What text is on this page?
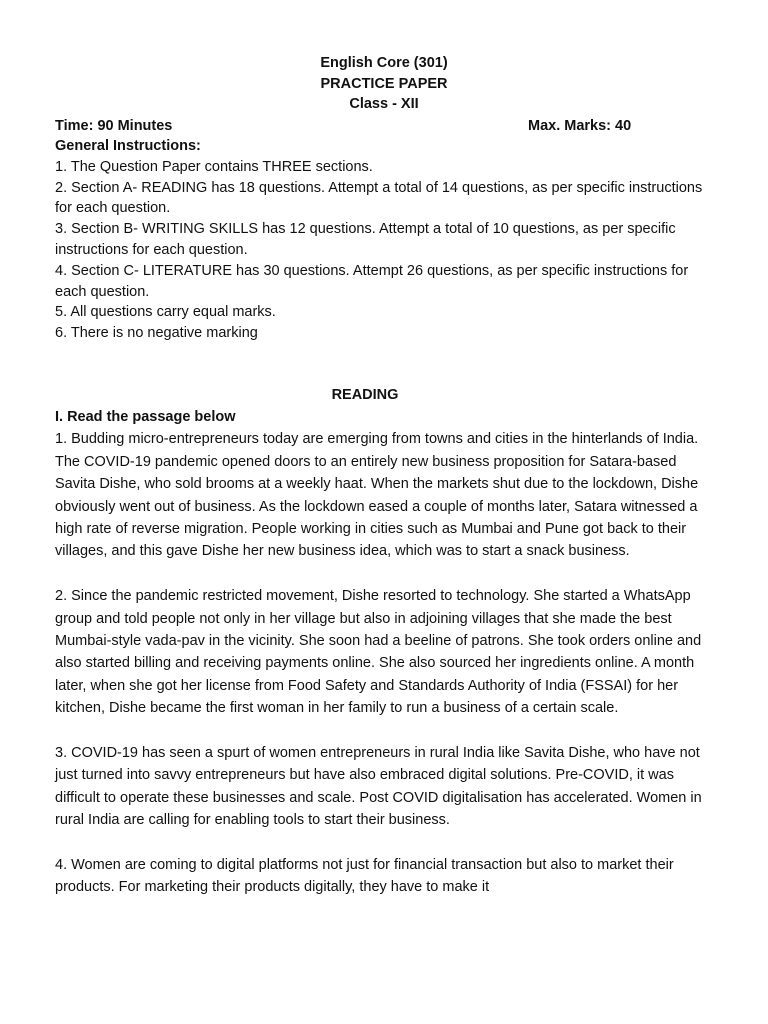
English Core (301)
PRACTICE PAPER
Class - XII
Time: 90 Minutes	Max. Marks: 40
General Instructions:
1. The Question Paper contains THREE sections.
2. Section A- READING has 18 questions. Attempt a total of 14 questions, as per specific instructions for each question.
3. Section B- WRITING SKILLS has 12 questions. Attempt a total of 10 questions, as per specific instructions for each question.
4. Section C- LITERATURE has 30 questions. Attempt 26 questions, as per specific instructions for each question.
5. All questions carry equal marks.
6. There is no negative marking
READING
I. Read the passage below
1. Budding micro-entrepreneurs today are emerging from towns and cities in the hinterlands of India. The COVID-19 pandemic opened doors to an entirely new business proposition for Satara-based Savita Dishe, who sold brooms at a weekly haat. When the markets shut due to the lockdown, Dishe obviously went out of business. As the lockdown eased a couple of months later, Satara witnessed a high rate of reverse migration. People working in cities such as Mumbai and Pune got back to their villages, and this gave Dishe her new business idea, which was to start a snack business.
2. Since the pandemic restricted movement, Dishe resorted to technology. She started a WhatsApp group and told people not only in her village but also in adjoining villages that she made the best Mumbai-style vada-pav in the vicinity. She soon had a beeline of patrons. She took orders online and also started billing and receiving payments online. She also sourced her ingredients online. A month later, when she got her license from Food Safety and Standards Authority of India (FSSAI) for her kitchen, Dishe became the first woman in her family to run a business of a certain scale.
3. COVID-19 has seen a spurt of women entrepreneurs in rural India like Savita Dishe, who have not just turned into savvy entrepreneurs but have also embraced digital solutions. Pre-COVID, it was difficult to operate these businesses and scale. Post COVID digitalisation has accelerated. Women in rural India are calling for enabling tools to start their business.
4. Women are coming to digital platforms not just for financial transaction but also to market their products. For marketing their products digitally, they have to make it
